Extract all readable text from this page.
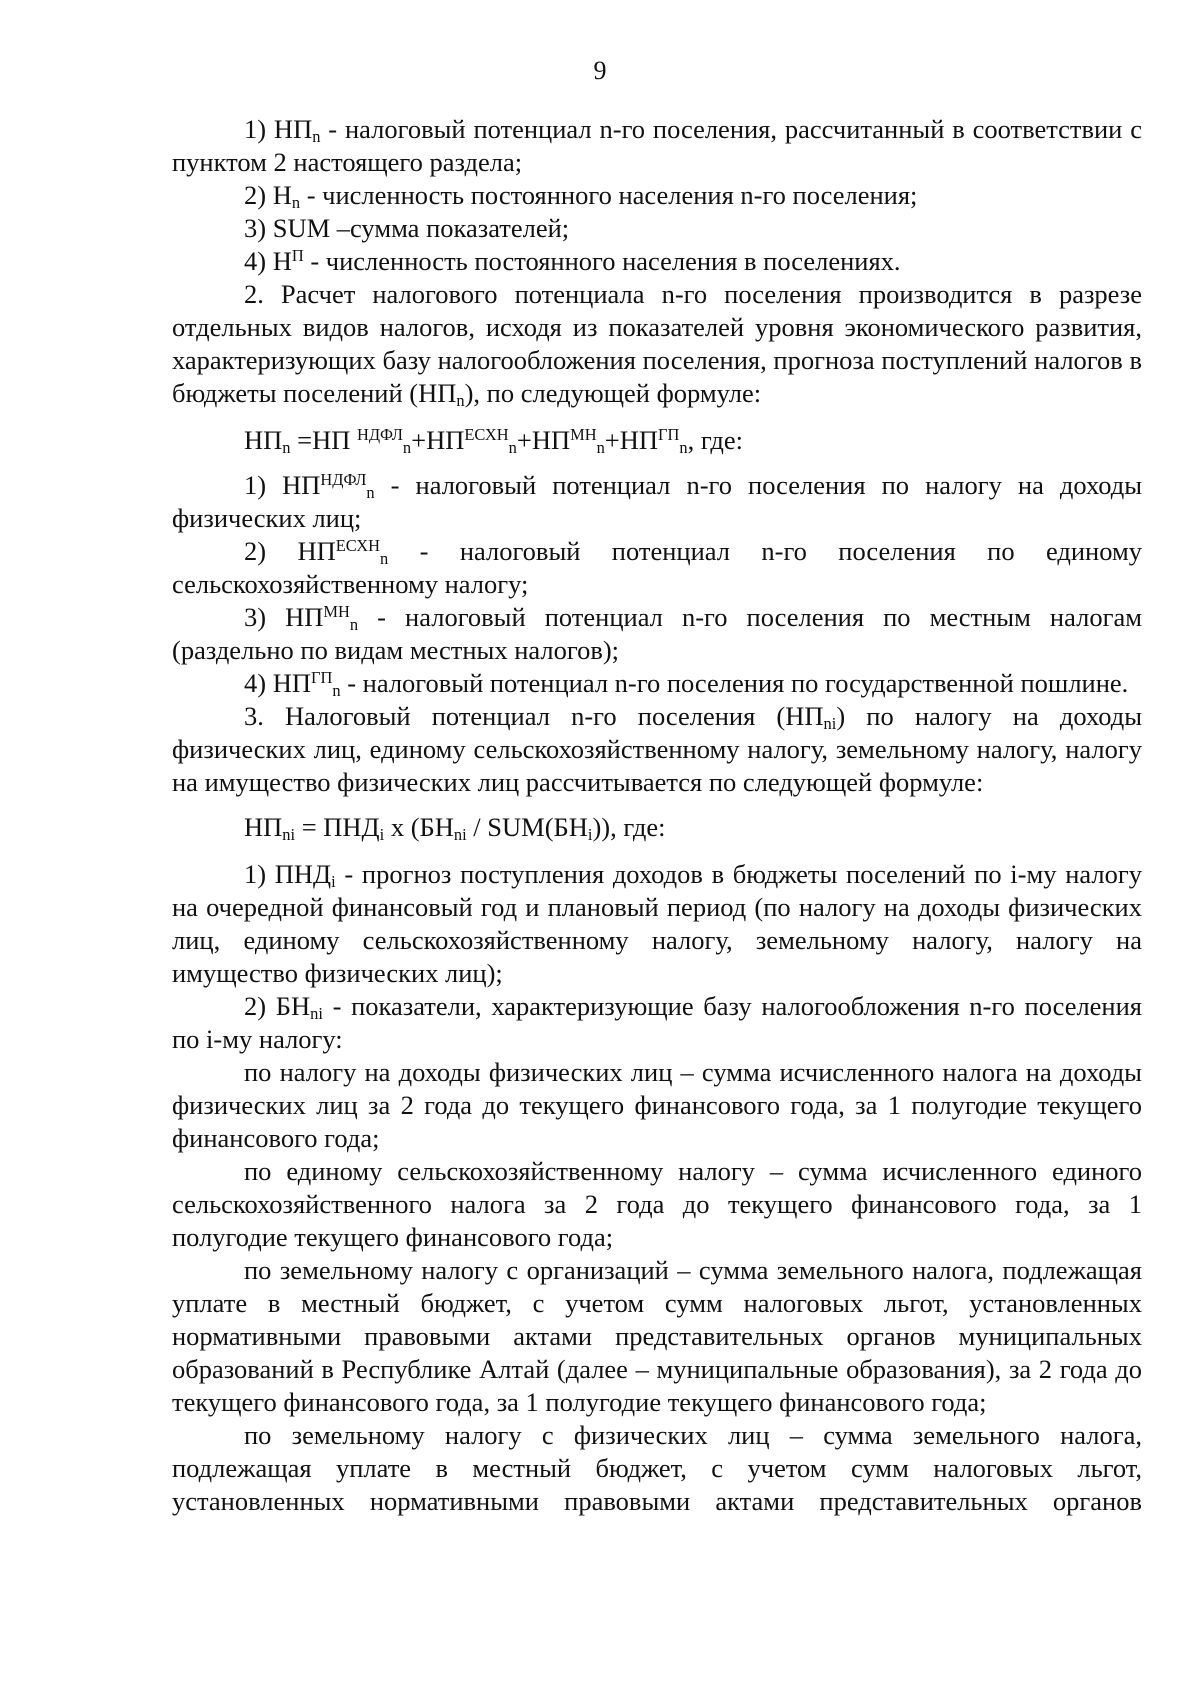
9

1) $НП_n$ - налоговый потенциал n-го поселения, рассчитанный в соответствии с пунктом 2 настоящего раздела;

2) $Н_n$ - численность постоянного населения n-го поселения;

3) SUM –сумма показателей;

4) $Н^П$ - численность постоянного населения в поселениях.

2. Расчет налогового потенциала n-го поселения производится в разрезе отдельных видов налогов, исходя из показателей уровня экономического развития, характеризующих базу налогообложения поселения, прогноза поступлений налогов в бюджеты поселений $(НП_n)$, по следующей формуле:

$НП_n =НП$ $^{НДФЛ}_n+НП^{ЕСХН}_n+НП^{МН}_n+НП^{ГП}_n$, где:

1) $НП^{НДФЛ}_n$ - налоговый потенциал n-го поселения по налогу на доходы физических лиц;

2) $НП^{ЕСХН}_n$ - налоговый потенциал n-го поселения по единому сельскохозяйственному налогу;

3) $НП^{МН}_n$ - налоговый потенциал n-го поселения по местным налогам (раздельно по видам местных налогов);

4) $НП^{ГП}_n$ - налоговый потенциал n-го поселения по государственной пошлине.

3. Налоговый потенциал n-го поселения $(НП_{ni})$ по налогу на доходы физических лиц, единому сельскохозяйственному налогу, земельному налогу, налогу на имущество физических лиц рассчитывается по следующей формуле:

$НП_{ni} = ПНД_i$ x $(БН_{ni} / SUM(БН_i))$, где:

1) $ПНД_i$ - прогноз поступления доходов в бюджеты поселений по i-му налогу на очередной финансовый год и плановый период (по налогу на доходы физических лиц, единому сельскохозяйственному налогу, земельному налогу, налогу на имущество физических лиц);

2) $БН_{ni}$ - показатели, характеризующие базу налогообложения n-го поселения по i-му налогу:

по налогу на доходы физических лиц – сумма исчисленного налога на доходы физических лиц за 2 года до текущего финансового года, за 1 полугодие текущего финансового года;

по единому сельскохозяйственному налогу – сумма исчисленного единого сельскохозяйственного налога за 2 года до текущего финансового года, за 1 полугодие текущего финансового года;

по земельному налогу с организаций – сумма земельного налога, подлежащая уплате в местный бюджет, с учетом сумм налоговых льгот, установленных нормативными правовыми актами представительных органов муниципальных образований в Республике Алтай (далее – муниципальные образования), за 2 года до текущего финансового года, за 1 полугодие текущего финансового года;

по земельному налогу с физических лиц – сумма земельного налога, подлежащая уплате в местный бюджет, с учетом сумм налоговых льгот, установленных нормативными правовыми актами представительных органов
